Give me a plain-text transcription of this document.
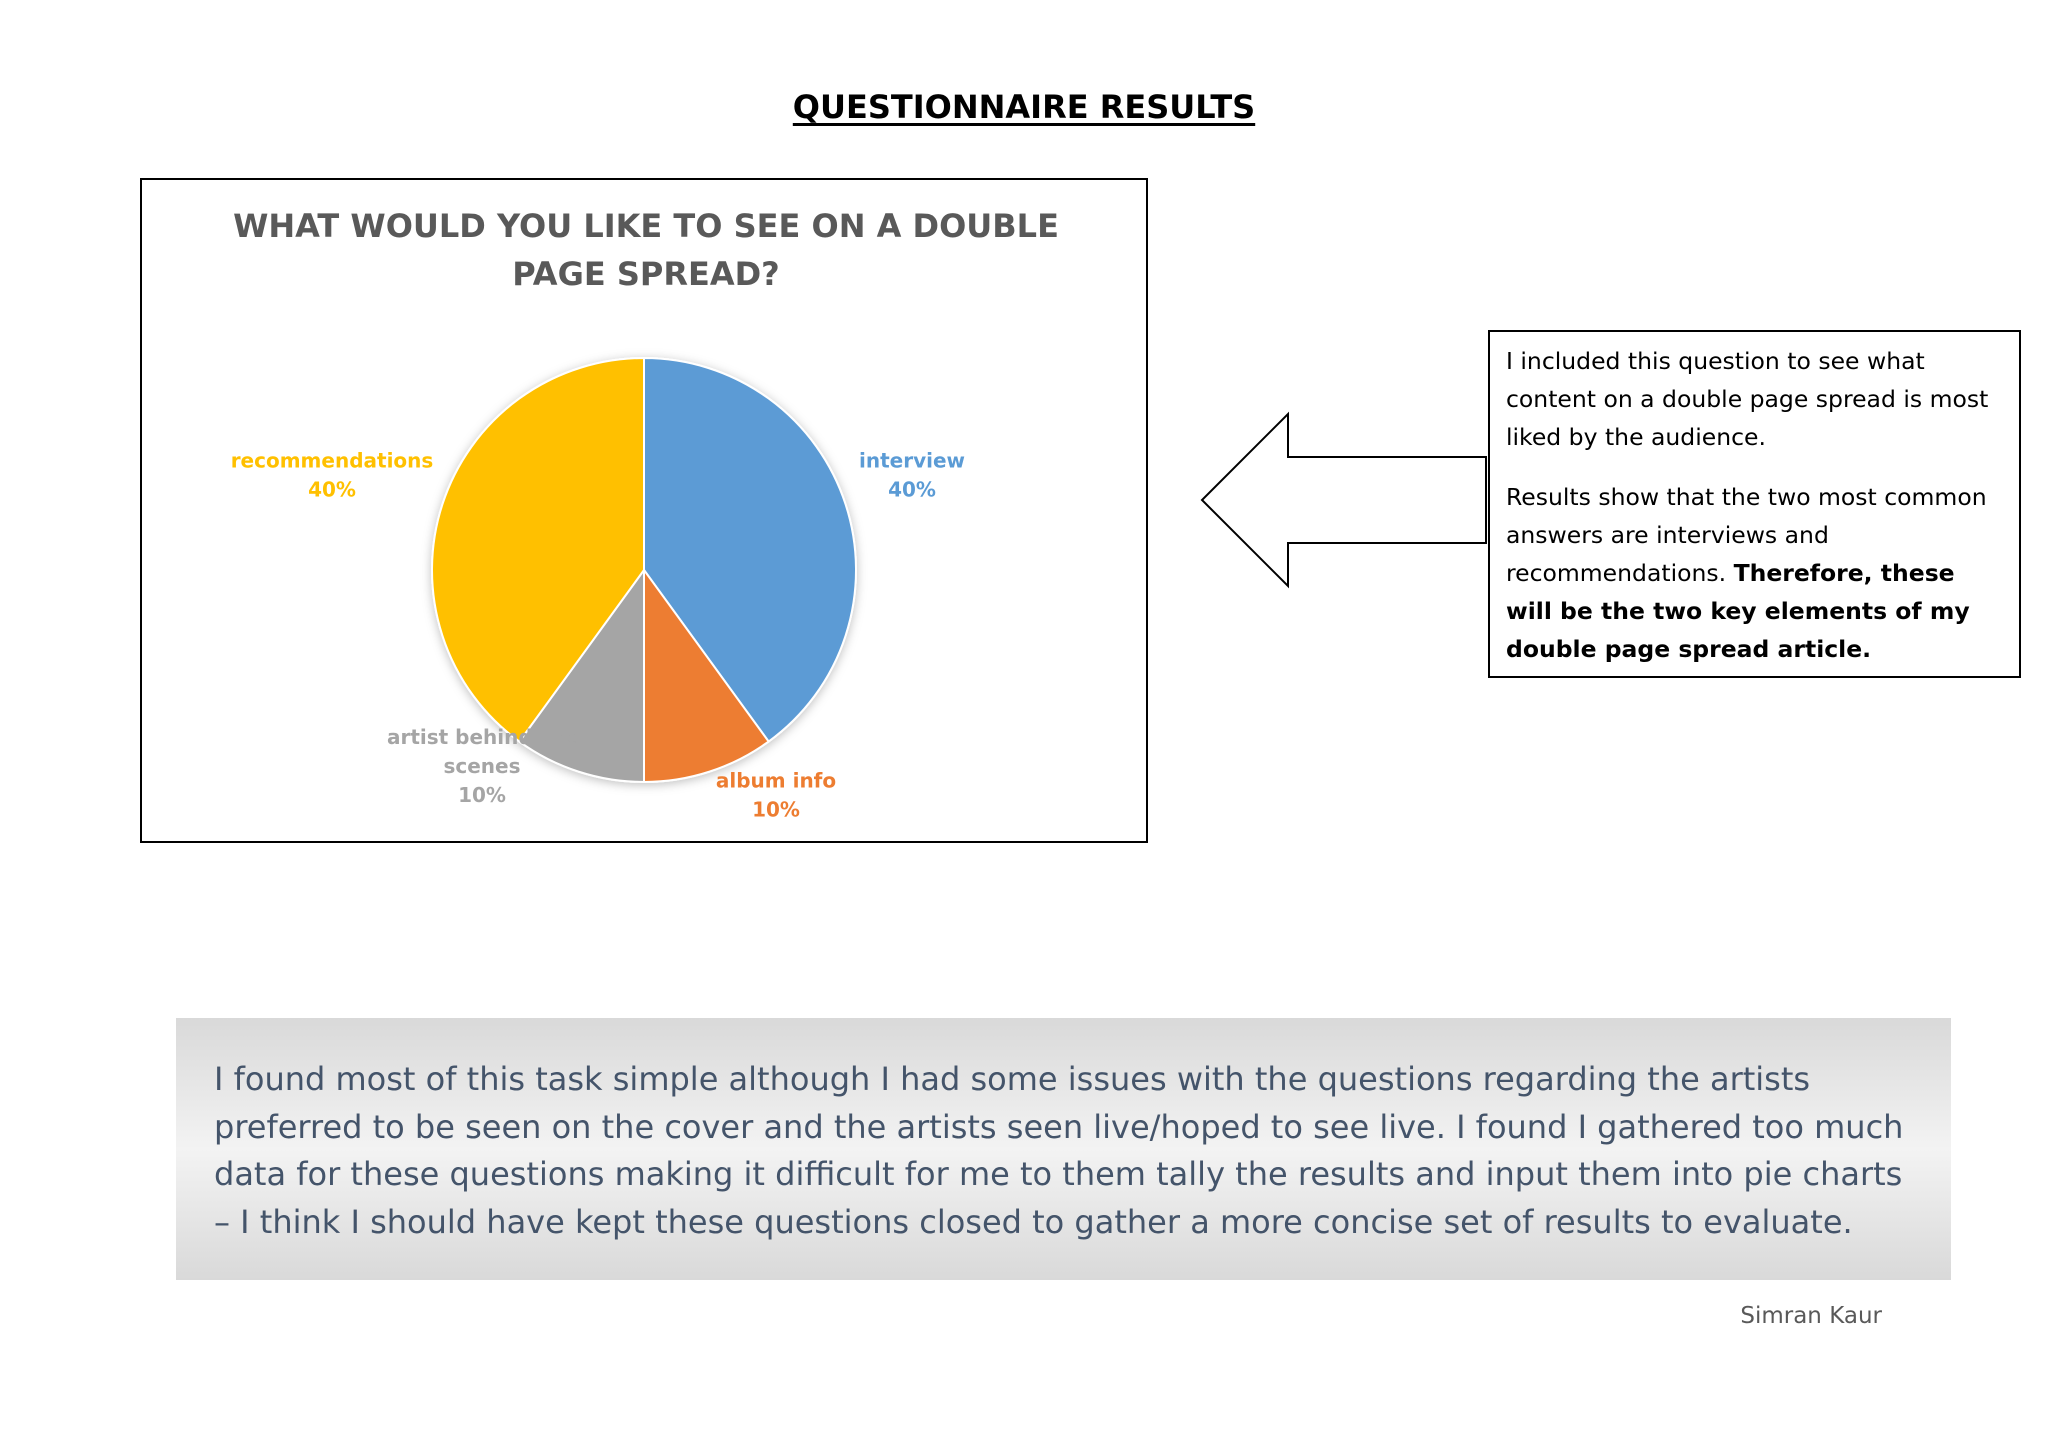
QUESTIONNAIRE RESULTS
WHAT WOULD YOU LIKE TO SEE ON A DOUBLE
PAGE SPREAD?
interview 40%
album info 10%
artist behind the scenes 10%
recommendations 40%

I included this question to see what content on a double page spread is most liked by the audience.

Results show that the two most common answers are interviews and recommendations. Therefore, these will be the two key elements of my double page spread article.

I found most of this task simple although I had some issues with the questions regarding the artists preferred to be seen on the cover and the artists seen live/hoped to see live. I found I gathered too much data for these questions making it difficult for me to them tally the results and input them into pie charts – I think I should have kept these questions closed to gather a more concise set of results to evaluate.
Simran Kaur
